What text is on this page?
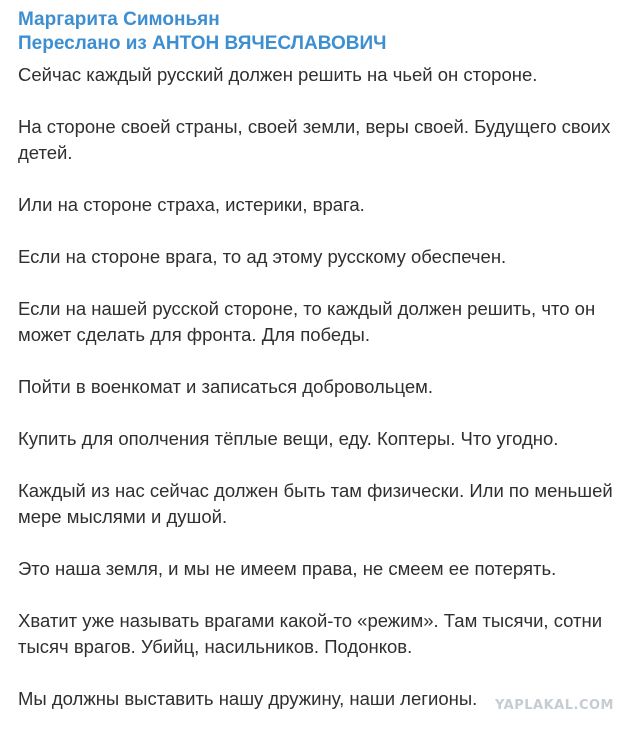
Маргарита Симоньян
Переслано из АНТОН ВЯЧЕСЛАВОВИЧ

Сейчас каждый русский должен решить на чьей он стороне.

На стороне своей страны, своей земли, веры своей. Будущего своих детей.

Или на стороне страха, истерики, врага.

Если на стороне врага, то ад этому русскому обеспечен.

Если на нашей русской стороне, то каждый должен решить, что он может сделать для фронта. Для победы.

Пойти в военкомат и записаться добровольцем.

Купить для ополчения тёплые вещи, еду. Коптеры. Что угодно.

Каждый из нас сейчас должен быть там физически. Или по меньшей мере мыслями и душой.

Это наша земля, и мы не имеем права, не смеем ее потерять.

Хватит уже называть врагами какой-то «режим». Там тысячи, сотни тысяч врагов. Убийц, насильников. Подонков.

Мы должны выставить нашу дружину, наши легионы.	YAPLAKAL.COM
